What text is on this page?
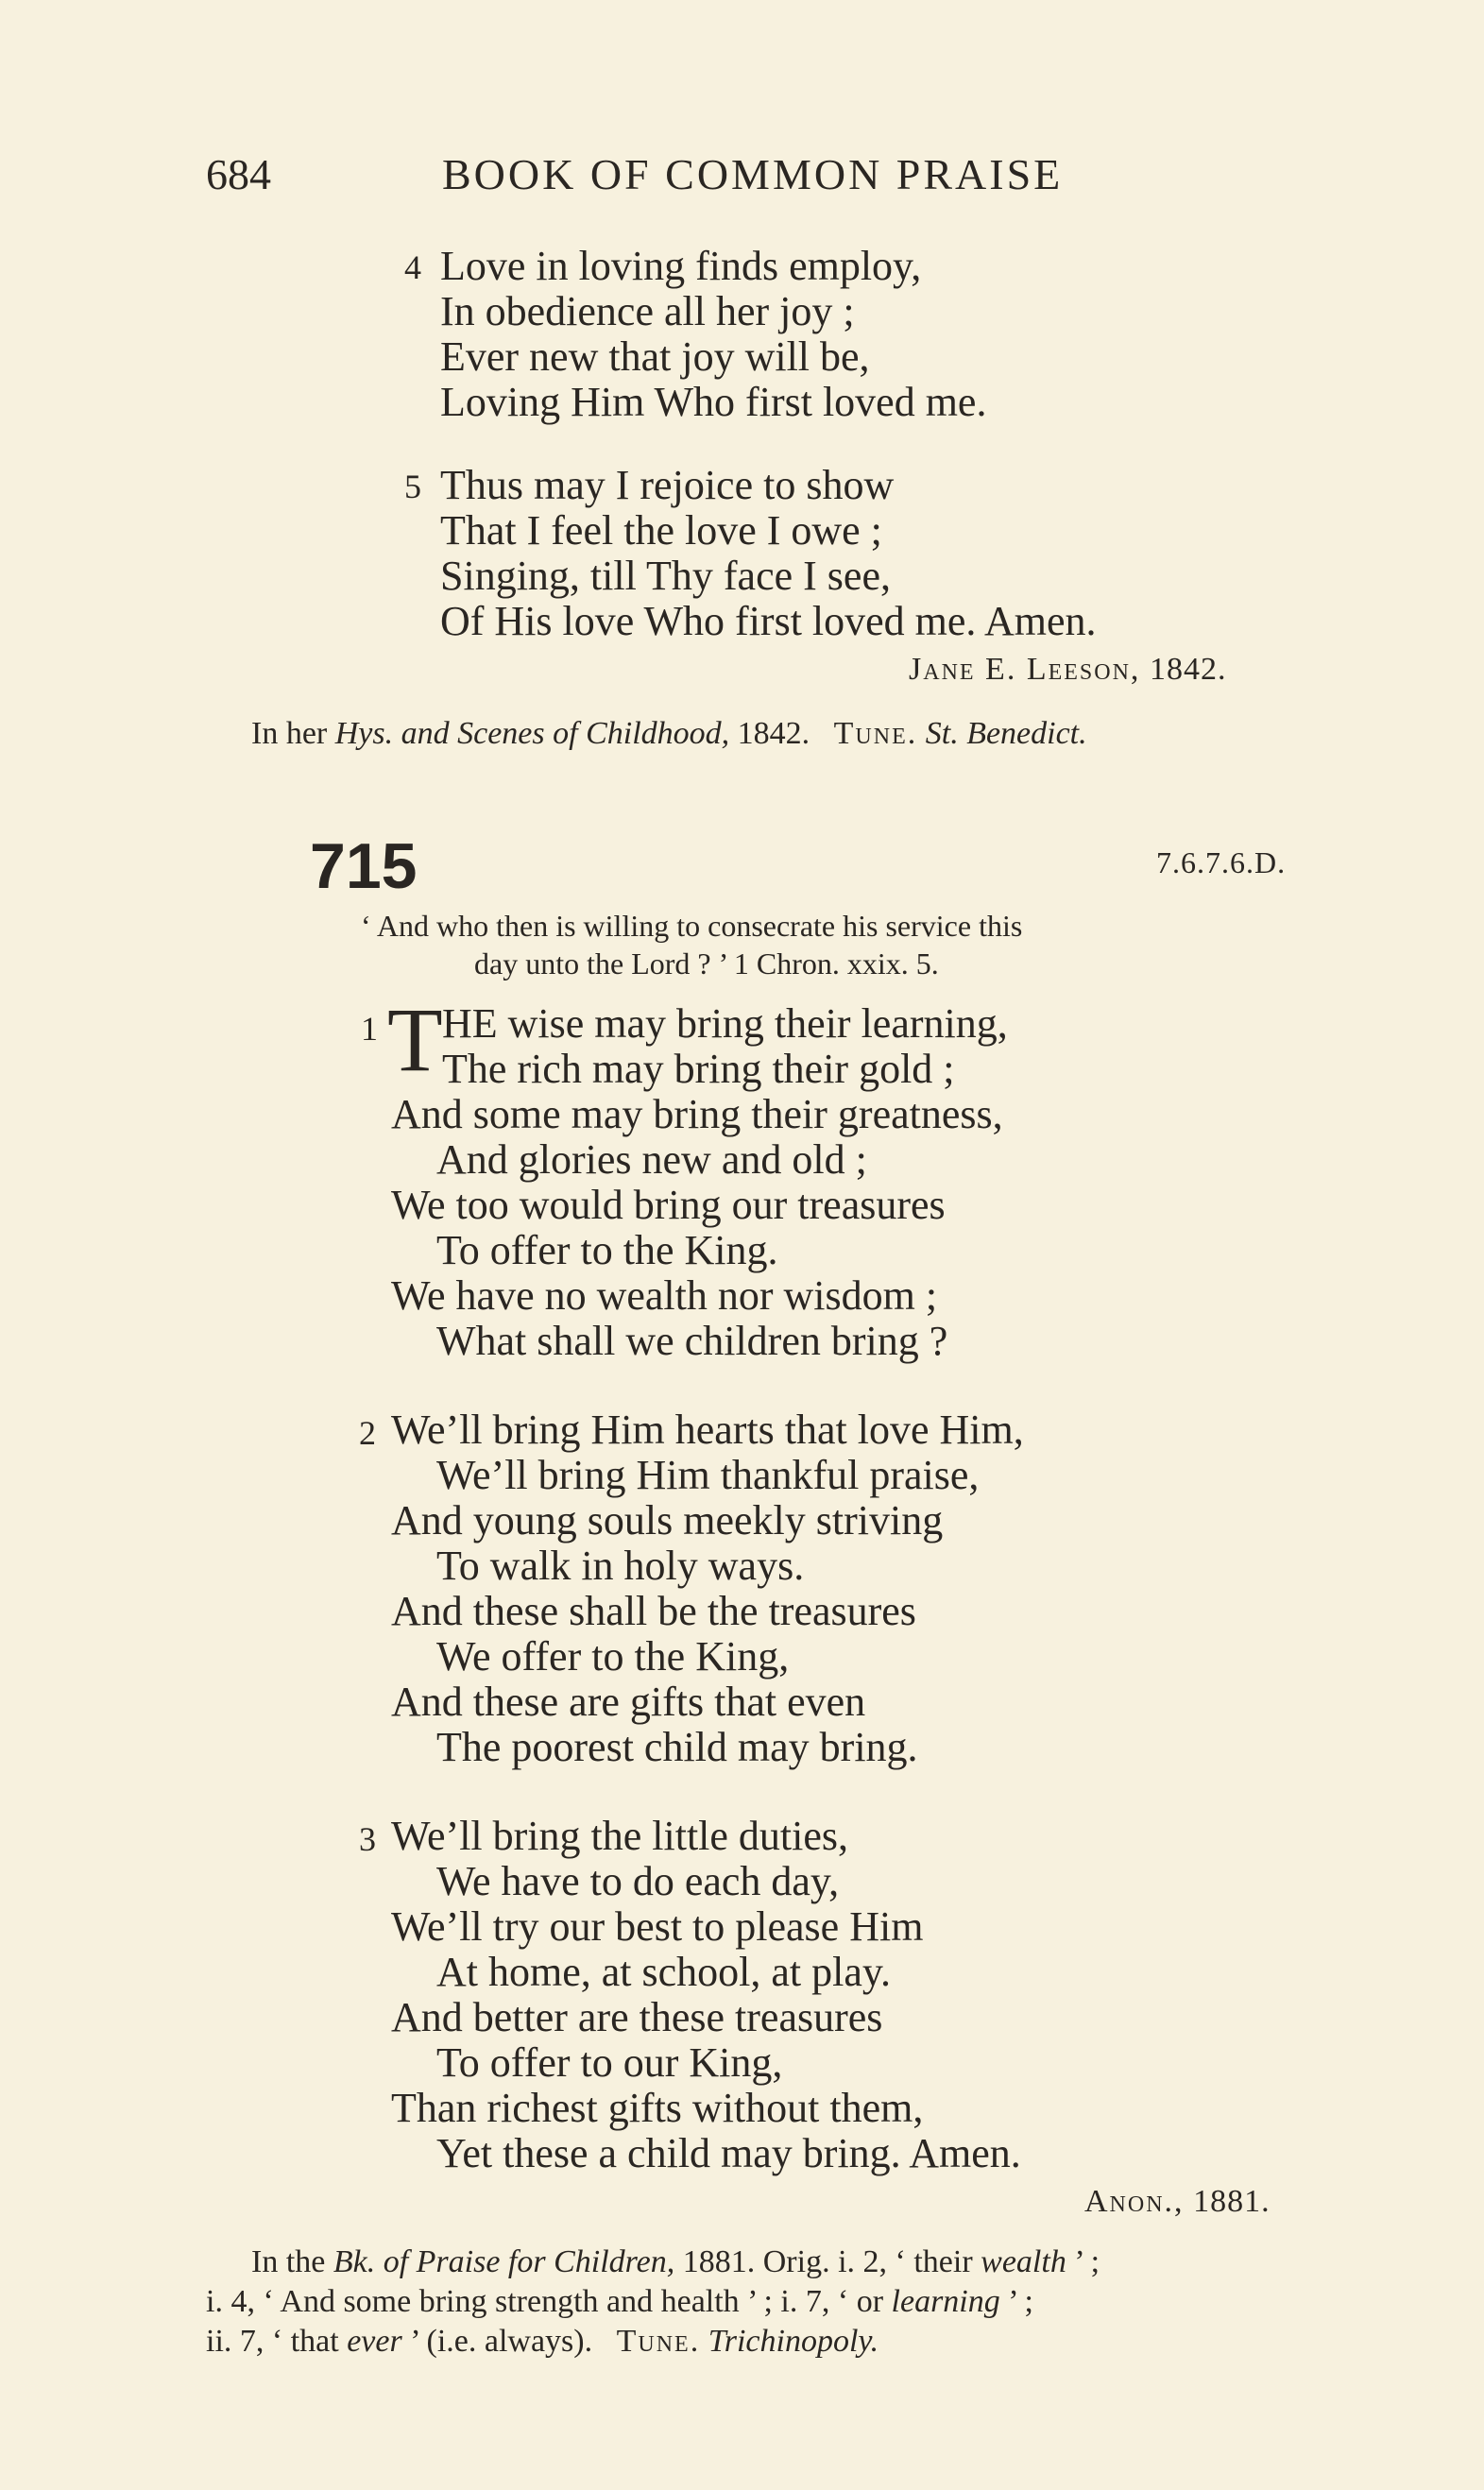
684	BOOK OF COMMON PRAISE
4 Love in loving finds employ,
In obedience all her joy ;
Ever new that joy will be,
Loving Him Who first loved me.
5 Thus may I rejoice to show
That I feel the love I owe ;
Singing, till Thy face I see,
Of His love Who first loved me. Amen.
Jane E. Leeson, 1842.
In her Hys. and Scenes of Childhood, 1842. Tune. St. Benedict.
715	7.6.7.6.D.
‘ And who then is willing to consecrate his service this
day unto the Lord ? ’ 1 Chron. xxix. 5.
1 T HE wise may bring their learning,
The rich may bring their gold ;
And some may bring their greatness,
And glories new and old ;
We too would bring our treasures
To offer to the King.
We have no wealth nor wisdom ;
What shall we children bring ?
2 We’ll bring Him hearts that love Him,
We’ll bring Him thankful praise,
And young souls meekly striving
To walk in holy ways.
And these shall be the treasures
We offer to the King,
And these are gifts that even
The poorest child may bring.
3 We’ll bring the little duties,
We have to do each day,
We’ll try our best to please Him
At home, at school, at play.
And better are these treasures
To offer to our King,
Than richest gifts without them,
Yet these a child may bring. Amen.
Anon., 1881.
In the Bk. of Praise for Children, 1881. Orig. i. 2, ‘ their wealth ’ ;
i. 4, ‘ And some bring strength and health ’ ; i. 7, ‘ or learning ’ ;
ii. 7, ‘ that ever ’ (i.e. always). Tune. Trichinopoly.
